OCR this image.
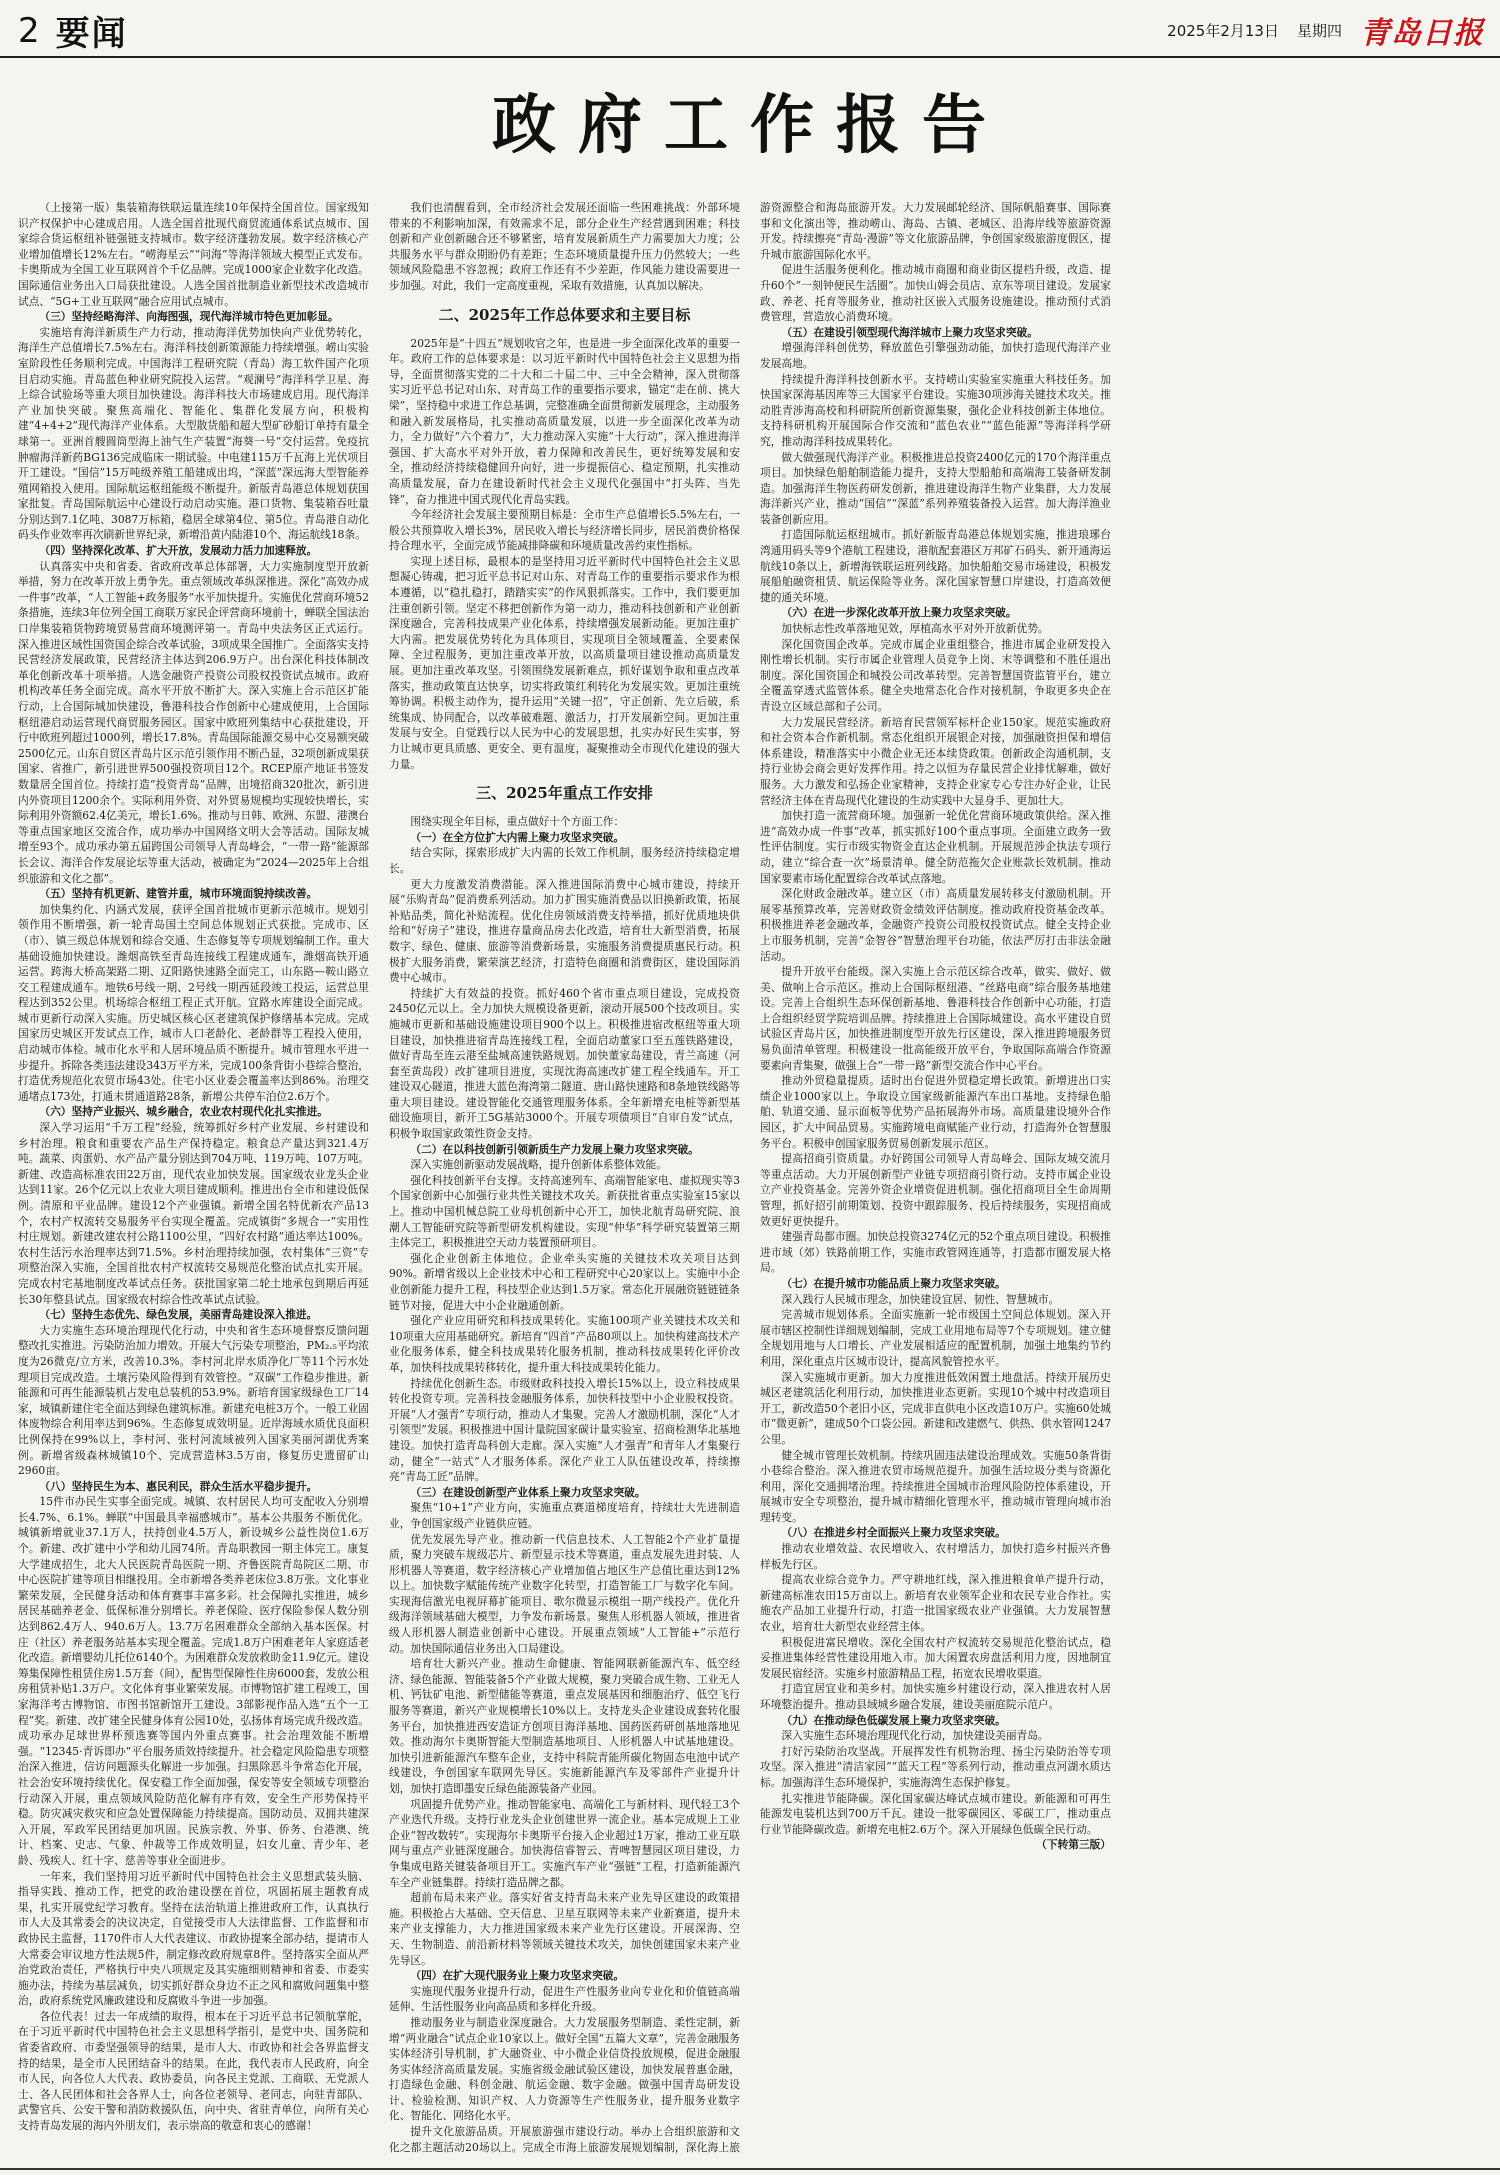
2 要闻	2025年2月13日 星期四 青岛日报
政府工作报告

（上接第一版）集装箱海铁联运量连续10年保持全国首位。国家级知识产权保护中心建成启用。人选全国首批现代商贸流通体系试点城市、国家综合货运枢纽补链强链支持城市。数字经济蓬勃发展。数字经济核心产业增加值增长12%左右。“崂海星云”“问海”等海洋领域大模型正式发布。卡奥斯成为全国工业互联网首个千亿品牌。完成1000家企业数字化改造。国际通信业务出入口局获批建设。人选全国首批制造业新型技术改造城市试点、“5G+工业互联网”融合应用试点城市。

（三）坚持经略海洋、向海图强，现代海洋城市特色更加彰显。

实施培育海洋新质生产力行动，推动海洋优势加快向产业优势转化，海洋生产总值增长7.5%左右。海洋科技创新策源能力持续增强。崂山实验室阶段性任务顺利完成。中国海洋工程研究院（青岛）海工软件国产化项目启动实施。青岛蓝色种业研究院投入运营。“观澜号”海洋科学卫星、海上综合试验场等重大项目加快建设。海洋科技大市场建成启用。现代海洋产业加快突破。聚焦高端化、智能化、集群化发展方向，积极构建“4+4+2”现代海洋产业体系。大型散货船和超大型矿砂船订单持有量全球第一。亚洲首艘圆筒型海上油气生产装置“海葵一号”交付运营。免疫抗肿瘤海洋新药BG136完成临床一期试验。中电建115万千瓦海上光伏项目开工建设。“国信”15万吨级养殖工船建成出坞，“深蓝”深远海大型智能养殖网箱投入使用。国际航运枢纽能级不断提升。新版青岛港总体规划获国家批复。青岛国际航运中心建设行动启动实施。港口货物、集装箱吞吐量分别达到7.1亿吨、3087万标箱，稳居全球第4位、第5位。青岛港自动化码头作业效率再次刷新世界纪录，新增沿黄内陆港10个、海运航线18条。

（四）坚持深化改革、扩大开放，发展动力活力加速释放。

认真落实中央和省委、省政府改革总体部署，大力实施制度型开放新举措，努力在改革开放上勇争先。重点领域改革纵深推进。深化“高效办成一件事”改革，“人工智能+政务服务”水平加快提升。实施优化营商环境52条措施，连续3年位列全国工商联万家民企评营商环境前十，蝉联全国法治口岸集装箱货物跨境贸易营商环境测评第一。青岛中央法务区正式运行。深入推进区域性国资国企综合改革试验，3项成果全国推广。全面落实支持民营经济发展政策，民营经济主体达到206.9万户。出台深化科技体制改革化创新改革十项举措。人选金融资产投资公司股权投资试点城市。政府机构改革任务全面完成。高水平开放不断扩大。深入实施上合示范区扩能行动，上合国际城加快建设，鲁港科技合作创新中心建成使用，上合国际枢纽港启动运营现代商贸服务园区。国家中欧班列集结中心获批建设，开行中欧班列超过1000列，增长17.8%。青岛国际能源交易中心交易额突破2500亿元。山东自贸区青岛片区示范引领作用不断凸显，32项创新成果获国家、省推广，新引进世界500强投资项目12个。RCEP原产地证书签发数量居全国首位。持续打造“投资青岛”品牌，出境招商320批次，新引进内外资项目1200余个。实际利用外资、对外贸易规模均实现较快增长，实际利用外资额62.4亿美元，增长1.6%。推动与日韩、欧洲、东盟、港澳台等重点国家地区交流合作，成功举办中国网络文明大会等活动。国际友城增至93个。成功承办第五届跨国公司领导人青岛峰会，“一带一路”能源部长会议、海洋合作发展论坛等重大活动，被确定为“2024—2025年上合组织旅游和文化之都”。

（五）坚持有机更新、建管并重，城市环境面貌持续改善。

加快集约化、内涵式发展，获评全国首批城市更新示范城市。规划引领作用不断增强，新一轮青岛国土空间总体规划正式获批。完成市、区（市）、镇三级总体规划和综合交通、生态修复等专项规划编制工作。重大基础设施加快建设。潍烟高铁至青岛连接线工程建成通车，潍烟高铁开通运营。跨海大桥高架路二期、辽阳路快速路全面完工，山东路—鞍山路立交工程建成通车。地铁6号线一期、2号线一期西延段竣工投运，运营总里程达到352公里。机场综合枢纽工程正式开航。宜路水库建设全面完成。城市更新行动深入实施。历史城区核心区老建筑保护修缮基本完成。完成国家历史城区开发试点工作，城市人口老龄化、老龄群等工程投入使用，启动城市体检。城市化水平和人居环境品质不断提升。城市管理水平进一步提升。拆除各类违法建设343万平方米，完成100条背街小巷综合整治，打造优秀规范化农贸市场43处。住宅小区业委会覆盖率达到86%。治理交通堵点173处，打通未贯通道路28条，新增公共停车泊位2.6万个。

（六）坚持产业振兴、城乡融合，农业农村现代化扎实推进。

深入学习运用“千万工程”经验，统筹抓好乡村产业发展、乡村建设和乡村治理。粮食和重要农产品生产保持稳定。粮食总产量达到321.4万吨。蔬菜、肉蛋奶、水产品产量分别达到704万吨、119万吨、107万吨。新建、改造高标准农田22万亩，现代农业加快发展。国家级农业龙头企业达到11家。26个亿元以上农业大项目建成顺利。推进出台全市和建设低保例。清原和平业品牌。建设12个产业强镇。新增全国名特优新农产品13个，农村产权流转交易服务平台实现全覆盖。完成镇街“多规合一”实用性村庄规划。新建改建农村公路1100公里，“四好农村路”通达率达100%。农村生活污水治理率达到71.5%。乡村治理持续加强，农村集体“三资”专项整治深入实施，全国首批农村产权流转交易规范化整治试点扎实开展。完成农村宅基地制度改革试点任务。获批国家第二轮土地承包到期后再延长30年整县试点。国家级农村综合性改革试点试验。

（七）坚持生态优先、绿色发展，美丽青岛建设深入推进。

大力实施生态环境治理现代化行动，中央和省生态环境督察反馈问题整改扎实推进。污染防治加力增效。开展大气污染专项整治，PM₂.₅平均浓度为26微克/立方米，改善10.3%。李村河北岸水质净化厂等11个污水处理项目完成改造。土壤污染风险得到有效管控。“双碳”工作稳步推进。新能源和可再生能源装机占发电总装机的53.9%。新培育国家级绿色工厂14家，城镇新建住宅全面达到绿色建筑标准。新建充电桩3万个。一般工业固体废物综合利用率达到96%。生态修复成效明显。近岸海域水质优良面积比例保持在99%以上，李村河、张村河流域被列入国家美丽河湖优秀案例。新增省级森林城镇10个、完成营造林3.5万亩，修复历史遗留矿山2960亩。

（八）坚持民生为本、惠民利民，群众生活水平稳步提升。

15件市办民生实事全面完成。城镇、农村居民人均可支配收入分别增长4.7%、6.1%。蝉联“中国最具幸福感城市”。基本公共服务不断优化。城镇新增就业37.1万人，扶持创业4.5万人，新设城乡公益性岗位1.6万个。新建、改扩建中小学和幼儿园74所。青岛职教园一期主体完工。康复大学建成招生，北大人民医院青岛医院一期、齐鲁医院青岛院区二期、市中心医院扩建等项目相继投用。全市新增各类养老床位3.8万张。文化事业繁荣发展，全民健身活动和体育赛事丰富多彩。社会保障扎实推进，城乡居民基础养老金、低保标准分别增长。养老保险、医疗保险参保人数分别达到862.4万人、940.6万人。13.7万名困难群众全部纳入基本医保。村庄（社区）养老服务站基本实现全覆盖。完成1.8万户困难老年人家庭适老化改造。新增婴幼儿托位6140个。为困难群众发放救助金11.9亿元。建设筹集保障性租赁住房1.5万套（间），配售型保障性住房6000套，发放公租房租赁补贴1.3万户。文化体育事业繁荣发展。市博物馆扩建工程竣工，国家海洋考古博物馆、市图书馆新馆开工建设。3部影视作品入选“五个一工程”奖。新建、改扩建全民健身体育公园10处，弘扬体育场完成升级改造。成功承办足球世界杯预选赛等国内外重点赛事。社会治理效能不断增强。“12345·青诉即办”平台服务质效持续提升。社会稳定风险隐患专项整治深入推进，信访问题源头化解进一步加强。扫黑除恶斗争常态化开展，社会治安环境持续优化。保安稳工作全面加强，保安等安全领域专项整治行动深入开展，重点领域风险防范化解有序有效，安全生产形势保持平稳。防灾减灾救灾和应急处置保障能力持续提高。国防动员、双拥共建深入开展，军政军民团结更加巩固。民族宗教、外事、侨务、台港澳、统计、档案、史志、气象、仲裁等工作成效明显，妇女儿童、青少年、老龄、残疾人、红十字、慈善等事业全面进步。

一年来，我们坚持用习近平新时代中国特色社会主义思想武装头脑、指导实践、推动工作，把党的政治建设摆在首位，巩固拓展主题教育成果，扎实开展党纪学习教育。坚持在法治轨道上推进政府工作，认真执行市人大及其常委会的决议决定，自觉接受市人大法律监督、工作监督和市政协民主监督，1170件市人大代表建议、市政协提案全部办结，提请市人大常委会审议地方性法规5件，制定修改政府规章8件。坚持落实全面从严治党政治责任，严格执行中央八项规定及其实施细则精神和省委、市委实施办法，持续为基层减负，切实抓好群众身边不正之风和腐败问题集中整治，政府系统党风廉政建设和反腐败斗争进一步加强。

各位代表！过去一年成绩的取得，根本在于习近平总书记领航掌舵，在于习近平新时代中国特色社会主义思想科学指引，是党中央、国务院和省委省政府、市委坚强领导的结果，是市人大、市政协和社会各界监督支持的结果，是全市人民团结奋斗的结果。在此，我代表市人民政府，向全市人民，向各位人大代表、政协委员，向各民主党派、工商联、无党派人士、各人民团体和社会各界人士，向各位老领导、老同志，向驻青部队、武警官兵、公安干警和消防救援队伍，向中央、省驻青单位，向所有关心支持青岛发展的海内外朋友们，表示崇高的敬意和衷心的感谢！

我们也清醒看到，全市经济社会发展还面临一些困难挑战：外部环境带来的不利影响加深，有效需求不足，部分企业生产经营遇到困难；科技创新和产业创新融合还不够紧密，培育发展新质生产力需要加大力度；公共服务水平与群众期盼仍有差距；生态环境质量提升压力仍然较大；一些领域风险隐患不容忽视；政府工作还有不少差距，作风能力建设需要进一步加强。对此，我们一定高度重视，采取有效措施，认真加以解决。

二、2025年工作总体要求和主要目标

2025年是“十四五”规划收官之年，也是进一步全面深化改革的重要一年。政府工作的总体要求是：以习近平新时代中国特色社会主义思想为指导，全面贯彻落实党的二十大和二十届二中、三中全会精神，深入贯彻落实习近平总书记对山东、对青岛工作的重要指示要求，锚定“走在前、挑大梁”，坚持稳中求进工作总基调，完整准确全面贯彻新发展理念，主动服务和融入新发展格局，扎实推动高质量发展，以进一步全面深化改革为动力，全力做好“六个着力”，大力推动深入实施“十大行动”，深入推进海洋强国、扩大高水平对外开放，着力保障和改善民生，更好统筹发展和安全，推动经济持续稳健回升向好，进一步提振信心、稳定预期，扎实推动高质量发展，奋力在建设新时代社会主义现代化强国中“打头阵、当先锋”，奋力推进中国式现代化青岛实践。

今年经济社会发展主要预期目标是：全市生产总值增长5.5%左右，一般公共预算收入增长3%，居民收入增长与经济增长同步，居民消费价格保持合理水平，全面完成节能减排降碳和环境质量改善约束性指标。

实现上述目标，最根本的是坚持用习近平新时代中国特色社会主义思想凝心铸魂，把习近平总书记对山东、对青岛工作的重要指示要求作为根本遵循，以“稳扎稳打，踏踏实实”的作风狠抓落实。工作中，我们要更加注重创新引领。坚定不移把创新作为第一动力，推动科技创新和产业创新深度融合，完善科技成果产业化体系，持续增强发展新动能。更加注重扩大内需。把发展优势转化为具体项目，实现项目全领域覆盖、全要素保障、全过程服务，更加注重改革开放，以高质量项目建设推动高质量发展。更加注重改革攻坚。引领围绕发展新难点，抓好谋划争取和重点改革落实，推动政策直达快享，切实将政策红利转化为发展实效。更加注重统筹协调。积极主动作为，提升运用“关键一招”，守正创新、先立后破，系统集成、协同配合，以改革破难题、激活力，打开发展新空间。更加注重发展与安全。自觉践行以人民为中心的发展思想，扎实办好民生实事，努力让城市更具质感、更安全、更有温度，凝聚推动全市现代化建设的强大力量。

三、2025年重点工作安排

围绕实现全年目标，重点做好十个方面工作：

（一）在全方位扩大内需上聚力攻坚求突破。

结合实际，探索形成扩大内需的长效工作机制，服务经济持续稳定增长。

更大力度激发消费潜能。深入推进国际消费中心城市建设，持续开展“乐购青岛”促消费系列活动。加力扩围实施消费品以旧换新政策，拓展补贴品类，简化补贴流程。优化住房领域消费支持举措，抓好优质地块供给和“好房子”建设，推进存量商品房去化改造，培育壮大新型消费，拓展数字、绿色、健康、旅游等消费新场景，实施服务消费提质惠民行动。积极扩大服务消费，繁荣演艺经济，打造特色商圈和消费街区，建设国际消费中心城市。

持续扩大有效益的投资。抓好460个省市重点项目建设，完成投资2450亿元以上。全力加快大规模设备更新，滚动开展500个技改项目。实施城市更新和基础设施建设项目900个以上。积极推进宿改枢纽等重大项目建设，加快推进宿青岛连接线工程，全面启动董家口至五莲铁路建设，做好青岛至连云港至盐城高速铁路规划。加快董家岛建设，青兰高速（河套至黄岛段）改扩建项目进度，实现沈海高速改扩建工程全线通车。开工建设双心隧道，推进大蓝色海湾第二隧道、唐山路快速路和8条地铁线路等重大项目建设。建设智能化交通管理服务体系。全年新增充电桩等新型基础设施项目，新开工5G基站3000个。开展专项债项目“自审自发”试点，积极争取国家政策性资金支持。

（二）在以科技创新引领新质生产力发展上聚力攻坚求突破。

深入实施创新驱动发展战略，提升创新体系整体效能。

强化科技创新平台支撑。支持高速列车、高端智能家电、虚拟现实等3个国家创新中心加强行业共性关键技术攻关。新获批省重点实验室15家以上。推动中国机械总院工业母机创新中心开工，加快北航青岛研究院、浪潮人工智能研究院等新型研发机构建设。实现“仲华”科学研究装置第三期主体完工，积极推进空天动力装置预研项目。

强化企业创新主体地位。企业牵头实施的关键技术攻关项目达到90%。新增省级以上企业技术中心和工程研究中心20家以上。实施中小企业创新能力提升工程，科技型企业达到1.5万家。常态化开展融资链链链条链节对接，促进大中小企业融通创新。

强化产业应用研究和科技成果转化。实施100项产业关键技术攻关和10项重大应用基础研究。新培育“四首”产品80项以上。加快构建高技术产业化服务体系，健全科技成果转化服务机制，推动科技成果转化评价改革，加快科技成果转移转化，提升重大科技成果转化能力。

持续优化创新生态。市级财政科技投入增长15%以上，设立科技成果转化投资专项。完善科技金融服务体系，加快科技型中小企业股权投资。开展“人才强青”专项行动，推动人才集聚。完善人才激励机制，深化“人才引领型”发展。积极推进中国计量院国家碳计量实验室、招商检测华北基地建设。加快打造青岛科创大走廊。深入实施“人才强青”和青年人才集聚行动，健全“一站式”人才服务体系。深化产业工人队伍建设改革，持续擦亮“青岛工匠”品牌。

（三）在建设创新型产业体系上聚力攻坚求突破。

聚焦“10+1”产业方向，实施重点赛道梯度培育，持续壮大先进制造业，争创国家级产业链供应链。

优先发展先导产业。推动新一代信息技术、人工智能2个产业扩量提质，聚力突破车规级芯片、新型显示技术等赛道，重点发展先进封装、人形机器人等赛道，数字经济核心产业增加值占地区生产总值比重达到12%以上。加快数字赋能传统产业数字化转型，打造智能工厂与数字化车间。实现海信激光电视屏幕扩能项目、歌尔微显示模组一期产线投产。优化升级海洋领域基础大模型，力争发布新场景。聚焦人形机器人领域，推进省级人形机器人制造业创新中心建设。开展重点领域“人工智能+”示范行动。加快国际通信业务出入口局建设。

培育壮大新兴产业。推动生命健康、智能网联新能源汽车、低空经济、绿色能源、智能装备5个产业做大规模，聚力突破合成生物、工业无人机、钙钛矿电池、新型储能等赛道，重点发展基因和细胞治疗、低空飞行服务等赛道，新兴产业规模增长10%以上。支持龙头企业建设成套转化服务平台，加快推进西安造证方创项目海洋基地、国药医药研创基地落地见效。推动海尔卡奥斯智能大型制造基地项目、人形机器人中试基地建设。加快引进新能源汽车整车企业，支持中科院青能所碳化物固态电池中试产线建设，争创国家车联网先导区。实施新能源汽车及零部件产业提升计划，加快打造即墨安丘绿色能源装备产业园。

巩固提升优势产业。推动智能家电、高端化工与新材料、现代轻工3个产业迭代升级。支持行业龙头企业创建世界一流企业。基本完成规上工业企业“智改数转”。实现海尔卡奥斯平台接入企业超过1万家，推动工业互联网与重点产业链深度融合。加快海信睿智云、青啤智慧园区项目建设，力争集成电路关键装备项目开工。实施汽车产业“强链”工程，打造新能源汽车全产业链集群。持续打造品牌之都。

超前布局未来产业。落实好省支持青岛未来产业先导区建设的政策措施。积极抢占大基础、空天信息、卫星互联网等未来产业新赛道，提升未来产业支撑能力，大力推进国家级未来产业先行区建设。开展深海、空天、生物制造、前沿新材料等领域关键技术攻关，加快创建国家未来产业先导区。

（四）在扩大现代服务业上聚力攻坚求突破。

实施现代服务业提升行动，促进生产性服务业向专业化和价值链高端延伸、生活性服务业向高品质和多样化升级。

推动服务业与制造业深度融合。大力发展服务型制造、柔性定制，新增“两业融合”试点企业10家以上。做好全国“五篇大文章”，完善金融服务实体经济引导机制，扩大融资业、中小微企业信贷投放规模，促进金融服务实体经济高质量发展。实施省级金融试验区建设，加快发展普惠金融，打造绿色金融、科创金融、航运金融、数字金融。做强中国青岛研发设计、检验检测、知识产权、人力资源等生产性服务业，提升服务业数字化、智能化、网络化水平。

提升文化旅游品质。开展旅游强市建设行动。举办上合组织旅游和文化之都主题活动20场以上。完成全市海上旅游发展规划编制，深化海上旅游资源整合和海岛旅游开发。大力发展邮轮经济、国际帆船赛事、国际赛事和文化演出等，推动崂山、海岛、古镇、老城区、沿海岸线等旅游资源开发。持续擦亮“青岛·漫游”等文化旅游品牌，争创国家级旅游度假区，提升城市旅游国际化水平。

促进生活服务便利化。推动城市商圈和商业街区提档升级，改造、提升60个“一刻钟便民生活圈”。加快山姆会员店、京东等项目建设。发展家政、养老、托育等服务业，推动社区嵌入式服务设施建设。推动预付式消费管理，营造放心消费环境。

（五）在建设引领型现代海洋城市上聚力攻坚求突破。

增强海洋科创优势，释放蓝色引擎强劲动能，加快打造现代海洋产业发展高地。

持续提升海洋科技创新水平。支持崂山实验室实施重大科技任务。加快国家深海基因库等三大国家平台建设。实施30项涉海关键技术攻关。推动胜青涉海高校和科研院所创新资源集聚，强化企业科技创新主体地位。支持科研机构开展国际合作交流和“蓝色农业”“蓝色能源”等海洋科学研究，推动海洋科技成果转化。

做大做强现代海洋产业。积极推进总投资2400亿元的170个海洋重点项目。加快绿色船舶制造能力提升，支持大型船舶和高端海工装备研发制造。加强海洋生物医药研发创新，推进建设海洋生物产业集群，大力发展海洋新兴产业，推动“国信”“深蓝”系列养殖装备投入运营。加大海洋渔业装备创新应用。

打造国际航运枢纽城市。抓好新版青岛港总体规划实施，推进琅琊台湾通用码头等9个港航工程建设，港航配套港区万邦矿石码头、新开通海运航线10条以上，新增海铁联运班列线路。加快船舶交易市场建设，积极发展船舶融资租赁、航运保险等业务。深化国家智慧口岸建设，打造高效便捷的通关环境。

（六）在进一步深化改革开放上聚力攻坚求突破。

加快标志性改革落地见效，厚植高水平对外开放新优势。

深化国资国企改革。完成市属企业重组整合，推进市属企业研发投入刚性增长机制。实行市属企业管理人员竞争上岗、末等调整和不胜任退出制度。深化国资国企和城投公司改革转型。完善智慧国资监管平台，建立全覆盖穿透式监管体系。健全央地常态化合作对接机制，争取更多央企在青设立区域总部和子公司。

大力发展民营经济。新培育民营领军标杆企业150家。规范实施政府和社会资本合作新机制。常态化组织开展银企对接，加强融资担保和增信体系建设，精准落实中小微企业无还本续贷政策。创新政企沟通机制，支持行业协会商会更好发挥作用。持之以恒为存量民营企业排忧解难，做好服务。大力激发和弘扬企业家精神，支持企业家专心专注办好企业，让民营经济主体在青岛现代化建设的生动实践中大显身手、更加壮大。

加快打造一流营商环境。加强新一轮优化营商环境政策供给。深入推进“高效办成一件事”改革，抓实抓好100个重点事项。全面建立政务一致性评估制度。实行市级实物资金直达企业机制。开展规范涉企执法专项行动，建立“综合查一次”场景清单。健全防范拖欠企业账款长效机制。推动国家要素市场化配置综合改革试点落地。

深化财政金融改革。建立区（市）高质量发展转移支付激励机制。开展零基预算改革，完善财政资金绩效评估制度。推动政府投资基金改革。积极推进养老金融改革，金融资产投资公司股权投资试点。健全支持企业上市服务机制，完善“金智谷”智慧治理平台功能，依法严厉打击非法金融活动。

提升开放平台能级。深入实施上合示范区综合改革，做实、做好、做美、做响上合示范区。推动上合国际枢纽港、“丝路电商”综合服务基地建设。完善上合组织生态环保创新基地、鲁港科技合作创新中心功能，打造上合组织经贸学院培训品牌。持续推进上合国际城建设。高水平建设自贸试验区青岛片区，加快推进制度型开放先行区建设，深入推进跨境服务贸易负面清单管理。积极建设一批高能级开放平台，争取国际高端合作资源要素向青集聚，做强上合“一带一路”新型交流合作中心平台。

推动外贸稳量提质。适时出台促进外贸稳定增长政策。新增进出口实绩企业1000家以上。争取设立国家级新能源汽车出口基地。支持绿色船舶、轨道交通、显示面板等优势产品拓展海外市场。高质量建设境外合作园区，扩大中间品贸易。实施跨境电商赋能产业行动，打造海外仓智慧服务平台。积极申创国家服务贸易创新发展示范区。

提高招商引资质量。办好跨国公司领导人青岛峰会、国际友城交流月等重点活动。大力开展创新型产业链专项招商引资行动。支持市属企业设立产业投资基金。完善外资企业增资促进机制。强化招商项目全生命周期管理，抓好招引前期策划、投资中跟踪服务、投后持续服务，实现招商成效更好更快提升。

建强青岛都市圈。加快总投资3274亿元的52个重点项目建设。积极推进市域（郊）铁路前期工作，实施市政管网连通等，打造都市圈发展大格局。

（七）在提升城市功能品质上聚力攻坚求突破。

深入践行人民城市理念，加快建设宜居、韧性、智慧城市。

完善城市规划体系。全面实施新一轮市级国土空间总体规划。深入开展市辖区控制性详细规划编制，完成工业用地布局等7个专项规划。建立健全规划用地与人口增长、产业发展相适应的配置机制，加强土地集约节约利用，深化重点片区城市设计，提高风貌管控水平。

深入实施城市更新。加大力度推进低效闲置土地盘活。持续开展历史城区老建筑活化利用行动，加快推进业态更新。实现10个城中村改造项目开工，新改造50个老旧小区，完成非直供电小区改造10万户。实施60处城市“微更新”，建成50个口袋公园。新建和改建燃气、供热、供水管网1247公里。

健全城市管理长效机制。持续巩固违法建设治理成效。实施50条背街小巷综合整治。深入推进农贸市场规范提升。加强生活垃圾分类与资源化利用，深化交通拥堵治理。持续推进全国城市治理风险防控体系建设，开展城市安全专项整治，提升城市精细化管理水平，推动城市管理向城市治理转变。

（八）在推进乡村全面振兴上聚力攻坚求突破。

推动农业增效益、农民增收入、农村增活力，加快打造乡村振兴齐鲁样板先行区。

提高农业综合竞争力。严守耕地红线，深入推进粮食单产提升行动，新建高标准农田15万亩以上。新培育农业领军企业和农民专业合作社。实施农产品加工业提升行动，打造一批国家级农业产业强镇。大力发展智慧农业，培育壮大新型农业经营主体。

积极促进富民增收。深化全国农村产权流转交易规范化整治试点，稳妥推进集体经营性建设用地入市。加大闲置农房盘活利用力度，因地制宜发展民宿经济。实施乡村旅游精品工程，拓宽农民增收渠道。

打造宜居宜业和美乡村。加快实施乡村建设行动，深入推进农村人居环境整治提升。推动县域城乡融合发展，建设美丽庭院示范户。

（九）在推动绿色低碳发展上聚力攻坚求突破。

深入实施生态环境治理现代化行动，加快建设美丽青岛。

打好污染防治攻坚战。开展挥发性有机物治理、扬尘污染防治等专项攻坚。深入推进“清洁家园”“蓝天工程”等系列行动，推动重点河湖水质达标。加强海洋生态环境保护，实施海湾生态保护修复。

扎实推进节能降碳。深化国家碳达峰试点城市建设。新能源和可再生能源发电装机达到700万千瓦。建设一批零碳园区、零碳工厂，推动重点行业节能降碳改造。新增充电桩2.6万个。深入开展绿色低碳全民行动。

（下转第三版）
